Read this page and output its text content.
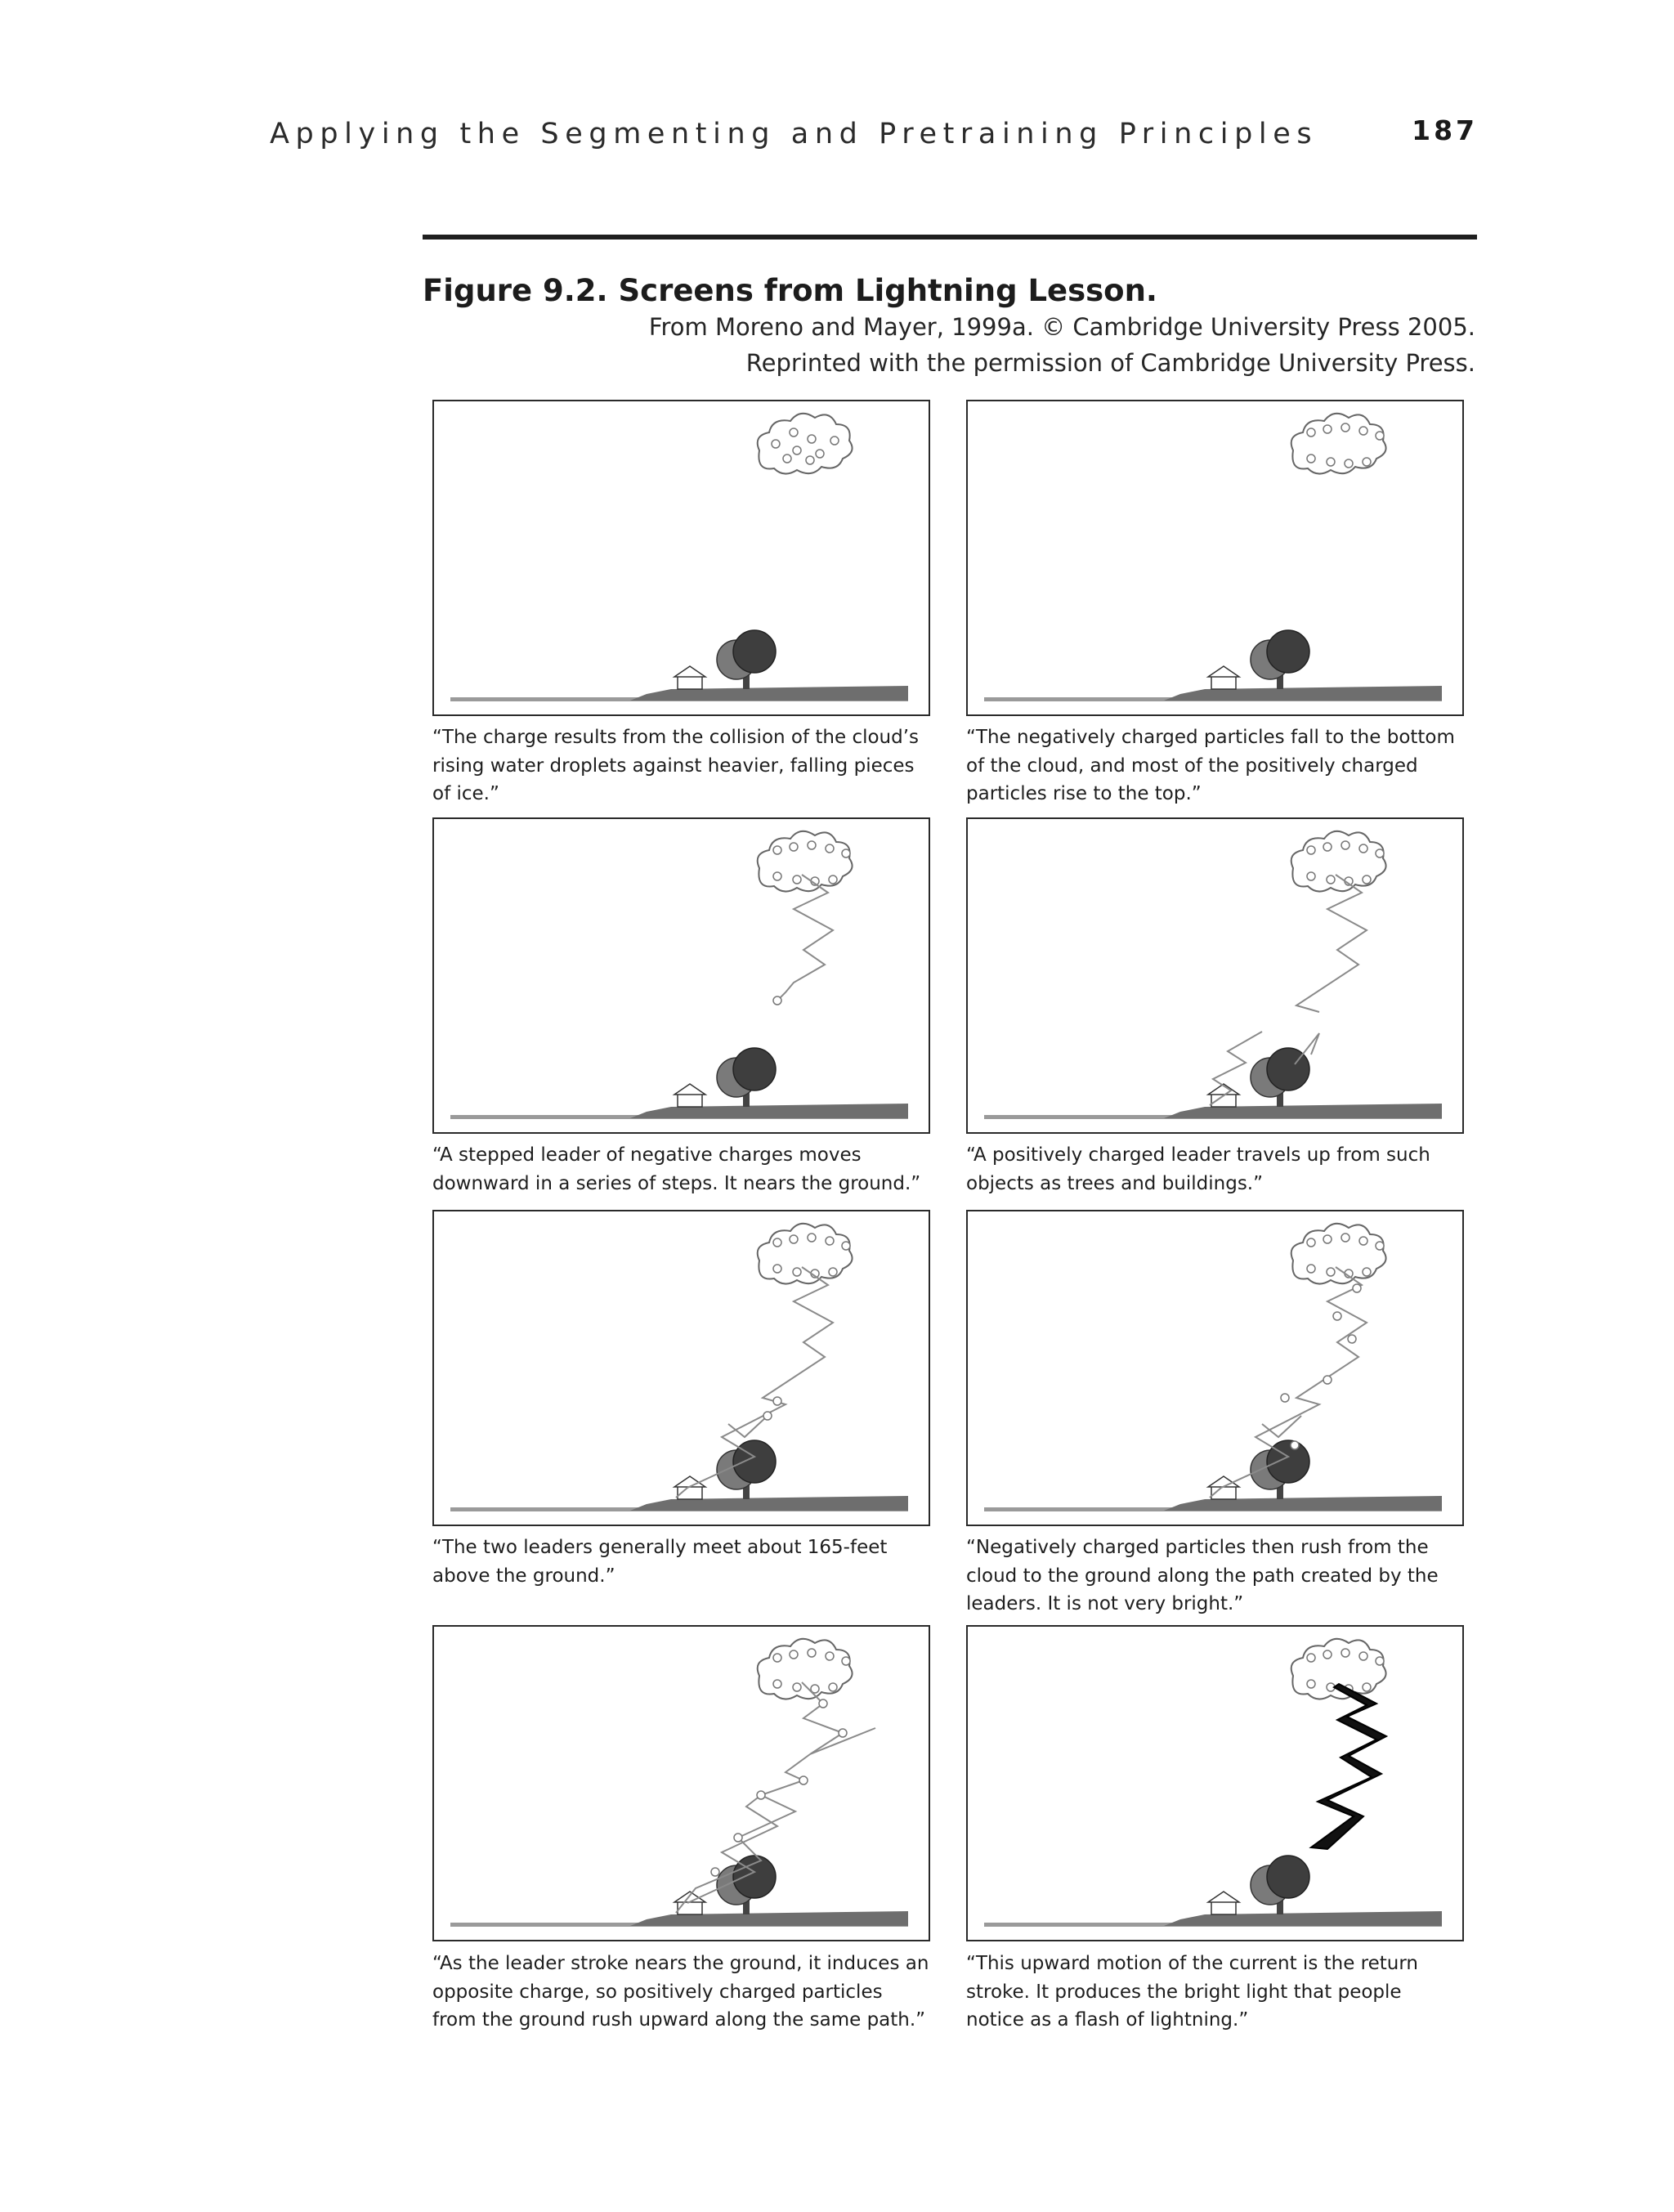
Applying the Segmenting and Pretraining Principles	187
Figure 9.2. Screens from Lightning Lesson.
From Moreno and Mayer, 1999a. © Cambridge University Press 2005.
Reprinted with the permission of Cambridge University Press.
“The charge results from the collision of the cloud’s
rising water droplets against heavier, falling pieces
of ice.”
“The negatively charged particles fall to the bottom
of the cloud, and most of the positively charged
particles rise to the top.”
“A stepped leader of negative charges moves
downward in a series of steps. It nears the ground.”
“A positively charged leader travels up from such
objects as trees and buildings.”
“The two leaders generally meet about 165-feet
above the ground.”
“Negatively charged particles then rush from the
cloud to the ground along the path created by the
leaders. It is not very bright.”
“As the leader stroke nears the ground, it induces an
opposite charge, so positively charged particles
from the ground rush upward along the same path.”
“This upward motion of the current is the return
stroke. It produces the bright light that people
notice as a flash of lightning.”
